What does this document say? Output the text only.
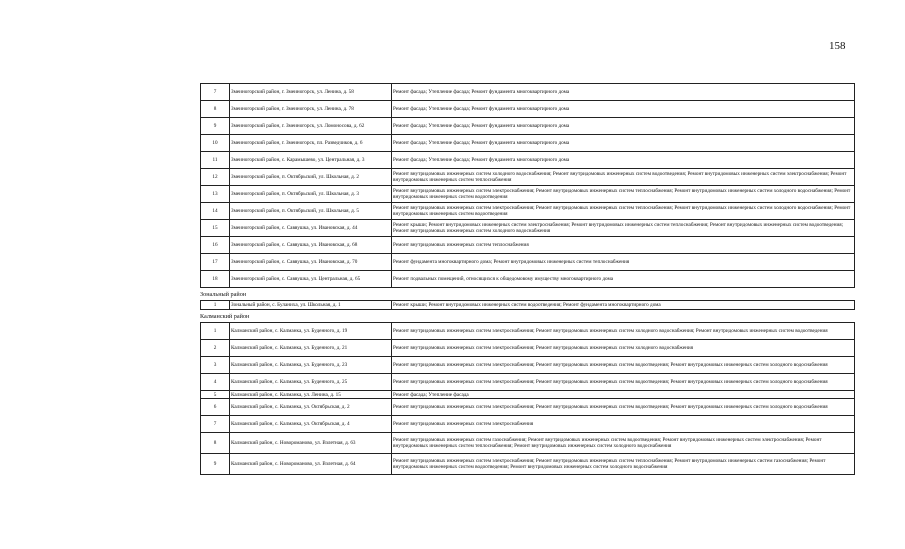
158
7	Змеиногорский район, г. Змеиногорск, ул. Ленина, д. 58	Ремонт фасада; Утепление фасада; Ремонт фундамента многоквартирного дома
8	Змеиногорский район, г. Змеиногорск, ул. Ленина, д. 78	Ремонт фасада; Утепление фасада; Ремонт фундамента многоквартирного дома
9	Змеиногорский район, г. Змеиногорск, ул. Ломоносова, д. 62	Ремонт фасада; Утепление фасада; Ремонт фундамента многоквартирного дома
10	Змеиногорский район, г. Змеиногорск, пл. Разведчиков, д. 6	Ремонт фасада; Утепление фасада; Ремонт фундамента многоквартирного дома
11	Змеиногорский район, с. Карамышево, ул. Центральная, д. 3	Ремонт фасада; Утепление фасада; Ремонт фундамента многоквартирного дома
12	Змеиногорский район, п. Октябрьский, ул. Школьная, д. 2	Ремонт внутридомовых инженерных систем холодного водоснабжения; Ремонт внутридомовых инженерных систем водоотведения; Ремонт внутридомовых инженерных систем электроснабжения; Ремонт внутридомовых инженерных систем теплоснабжения
13	Змеиногорский район, п. Октябрьский, ул. Школьная, д. 3	Ремонт внутридомовых инженерных систем электроснабжения; Ремонт внутридомовых инженерных систем теплоснабжения; Ремонт внутридомовых инженерных систем холодного водоснабжения; Ремонт внутридомовых инженерных систем водоотведения
14	Змеиногорский район, п. Октябрьский, ул. Школьная, д. 5	Ремонт внутридомовых инженерных систем электроснабжения; Ремонт внутридомовых инженерных систем теплоснабжения; Ремонт внутридомовых инженерных систем холодного водоснабжения; Ремонт внутридомовых инженерных систем водоотведения
15	Змеиногорский район, с. Саввушка, ул. Ивановская, д. 44	Ремонт крыши; Ремонт внутридомовых инженерных систем электроснабжения; Ремонт внутридомовых инженерных систем теплоснабжения; Ремонт внутридомовых инженерных систем водоотведения; Ремонт внутридомовых инженерных систем холодного водоснабжения
16	Змеиногорский район, с. Саввушка, ул. Ивановская, д. 68	Ремонт внутридомовых инженерных систем теплоснабжения
17	Змеиногорский район, с. Саввушка, ул. Ивановская, д. 70	Ремонт фундамента многоквартирного дома; Ремонт внутридомовых инженерных систем теплоснабжения
18	Змеиногорский район, с. Саввушка, ул. Центральная, д. 65	Ремонт подвальных помещений, относящихся к общедомовому имуществу многоквартирного дома
Зональный район
1	Зональный район, с. Буланиха, ул. Школьная, д. 1	Ремонт крыши; Ремонт внутридомовых инженерных систем водоотведения; Ремонт фундамента многоквартирного дома
Калманский район
1	Калманский район, с. Калманка, ул. Буденного, д. 19	Ремонт внутридомовых инженерных систем электроснабжения; Ремонт внутридомовых инженерных систем холодного водоснабжения; Ремонт внутридомовых инженерных систем водоотведения
2	Калманский район, с. Калманка, ул. Буденного, д. 21	Ремонт внутридомовых инженерных систем электроснабжения; Ремонт внутридомовых инженерных систем холодного водоснабжения
3	Калманский район, с. Калманка, ул. Буденного, д. 23	Ремонт внутридомовых инженерных систем электроснабжения; Ремонт внутридомовых инженерных систем водоотведения; Ремонт внутридомовых инженерных систем холодного водоснабжения
4	Калманский район, с. Калманка, ул. Буденного, д. 25	Ремонт внутридомовых инженерных систем электроснабжения; Ремонт внутридомовых инженерных систем водоотведения; Ремонт внутридомовых инженерных систем холодного водоснабжения
5	Калманский район, с. Калманка, ул. Ленина, д. 15	Ремонт фасада; Утепление фасада
6	Калманский район, с. Калманка, ул. Октябрьская, д. 2	Ремонт внутридомовых инженерных систем электроснабжения; Ремонт внутридомовых инженерных систем водоотведения; Ремонт внутридомовых инженерных систем холодного водоснабжения
7	Калманский район, с. Калманка, ул. Октябрьская, д. 4	Ремонт внутридомовых инженерных систем электроснабжения
8	Калманский район, с. Новороманово, ул. Взлетная, д. 63	Ремонт внутридомовых инженерных систем газоснабжения; Ремонт внутридомовых инженерных систем водоотведения; Ремонт внутридомовых инженерных систем электроснабжения; Ремонт внутридомовых инженерных систем теплоснабжения; Ремонт внутридомовых инженерных систем холодного водоснабжения
9	Калманский район, с. Новороманово, ул. Взлетная, д. 64	Ремонт внутридомовых инженерных систем электроснабжения; Ремонт внутридомовых инженерных систем теплоснабжения; Ремонт внутридомовых инженерных систем газоснабжения; Ремонт внутридомовых инженерных систем водоотведения; Ремонт внутридомовых инженерных систем холодного водоснабжения
